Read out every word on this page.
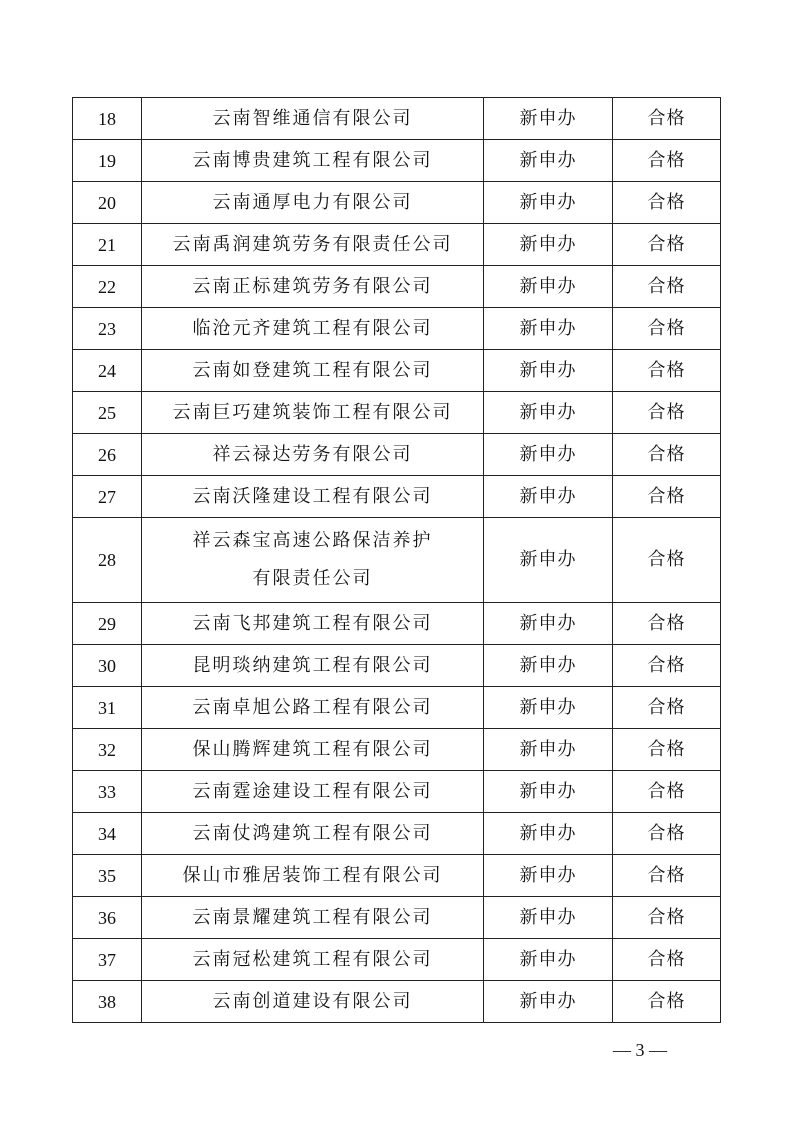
18	云南智维通信有限公司	新申办	合格
19	云南博贵建筑工程有限公司	新申办	合格
20	云南通厚电力有限公司	新申办	合格
21	云南禹润建筑劳务有限责任公司	新申办	合格
22	云南正标建筑劳务有限公司	新申办	合格
23	临沧元齐建筑工程有限公司	新申办	合格
24	云南如登建筑工程有限公司	新申办	合格
25	云南巨巧建筑装饰工程有限公司	新申办	合格
26	祥云禄达劳务有限公司	新申办	合格
27	云南沃隆建设工程有限公司	新申办	合格
28	祥云森宝高速公路保洁养护
有限责任公司	新申办	合格
29	云南飞邦建筑工程有限公司	新申办	合格
30	昆明琰纳建筑工程有限公司	新申办	合格
31	云南卓旭公路工程有限公司	新申办	合格
32	保山腾辉建筑工程有限公司	新申办	合格
33	云南霆途建设工程有限公司	新申办	合格
34	云南仗鸿建筑工程有限公司	新申办	合格
35	保山市雅居装饰工程有限公司	新申办	合格
36	云南景耀建筑工程有限公司	新申办	合格
37	云南冠松建筑工程有限公司	新申办	合格
38	云南创道建设有限公司	新申办	合格
— 3 —
